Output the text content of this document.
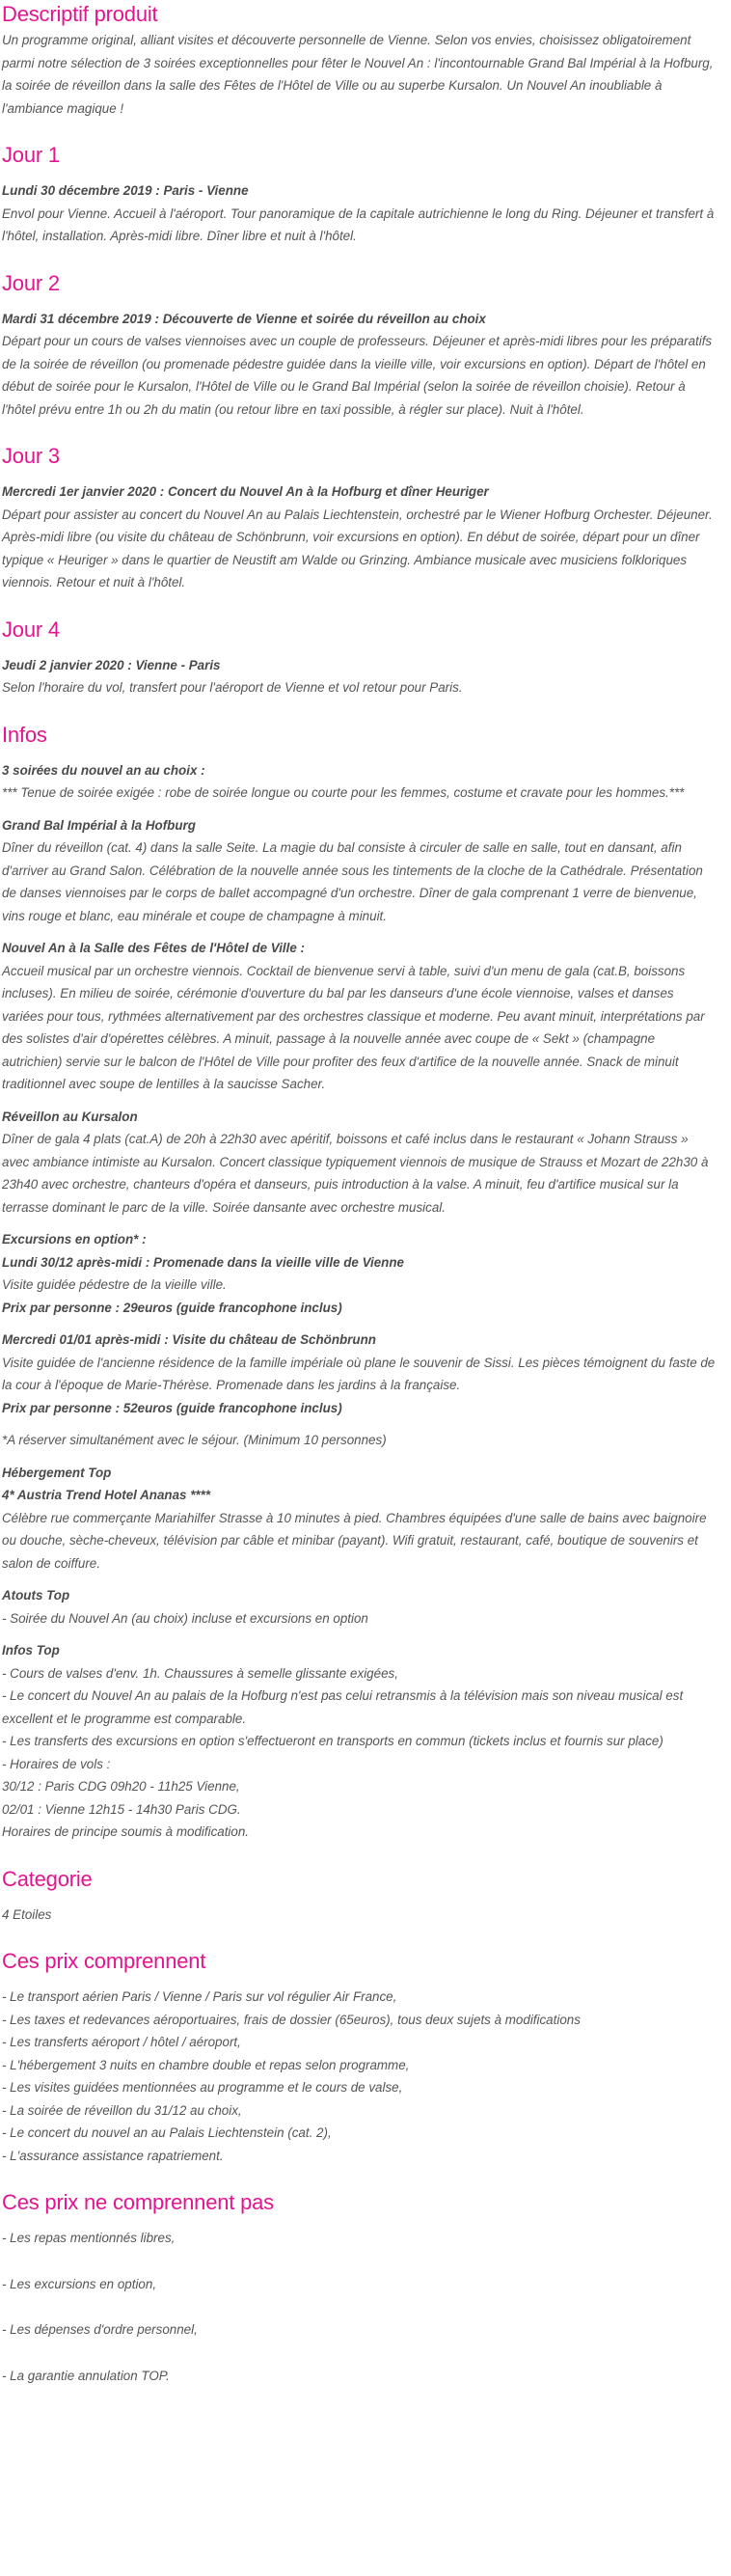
Descriptif produit

Un programme original, alliant visites et découverte personnelle de Vienne. Selon vos envies, choisissez obligatoirement parmi notre sélection de 3 soirées exceptionnelles pour fêter le Nouvel An : l'incontournable Grand Bal Impérial à la Hofburg, la soirée de réveillon dans la salle des Fêtes de l'Hôtel de Ville ou au superbe Kursalon. Un Nouvel An inoubliable à l'ambiance magique !

Jour 1

Lundi 30 décembre 2019 : Paris - Vienne

Envol pour Vienne. Accueil à l'aéroport. Tour panoramique de la capitale autrichienne le long du Ring. Déjeuner et transfert à l'hôtel, installation. Après-midi libre. Dîner libre et nuit à l'hôtel.

Jour 2

Mardi 31 décembre 2019 : Découverte de Vienne et soirée du réveillon au choix

Départ pour un cours de valses viennoises avec un couple de professeurs. Déjeuner et après-midi libres pour les préparatifs de la soirée de réveillon (ou promenade pédestre guidée dans la vieille ville, voir excursions en option). Départ de l'hôtel en début de soirée pour le Kursalon, l'Hôtel de Ville ou le Grand Bal Impérial (selon la soirée de réveillon choisie). Retour à l'hôtel prévu entre 1h ou 2h du matin (ou retour libre en taxi possible, à régler sur place). Nuit à l'hôtel.

Jour 3

Mercredi 1er janvier 2020 : Concert du Nouvel An à la Hofburg et dîner Heuriger

Départ pour assister au concert du Nouvel An au Palais Liechtenstein, orchestré par le Wiener Hofburg Orchester. Déjeuner. Après-midi libre (ou visite du château de Schönbrunn, voir excursions en option). En début de soirée, départ pour un dîner typique « Heuriger » dans le quartier de Neustift am Walde ou Grinzing. Ambiance musicale avec musiciens folkloriques viennois. Retour et nuit à l'hôtel.

Jour 4

Jeudi 2 janvier 2020 : Vienne - Paris

Selon l'horaire du vol, transfert pour l'aéroport de Vienne et vol retour pour Paris.

Infos

3 soirées du nouvel an au choix :

*** Tenue de soirée exigée : robe de soirée longue ou courte pour les femmes, costume et cravate pour les hommes.***

Grand Bal Impérial à la Hofburg

Dîner du réveillon (cat. 4) dans la salle Seite. La magie du bal consiste à circuler de salle en salle, tout en dansant, afin d'arriver au Grand Salon. Célébration de la nouvelle année sous les tintements de la cloche de la Cathédrale. Présentation de danses viennoises par le corps de ballet accompagné d'un orchestre. Dîner de gala comprenant 1 verre de bienvenue, vins rouge et blanc, eau minérale et coupe de champagne à minuit.

Nouvel An à la Salle des Fêtes de l'Hôtel de Ville :

Accueil musical par un orchestre viennois. Cocktail de bienvenue servi à table, suivi d'un menu de gala (cat.B, boissons incluses). En milieu de soirée, cérémonie d'ouverture du bal par les danseurs d'une école viennoise, valses et danses variées pour tous, rythmées alternativement par des orchestres classique et moderne. Peu avant minuit, interprétations par des solistes d'air d'opérettes célèbres. A minuit, passage à la nouvelle année avec coupe de « Sekt » (champagne autrichien) servie sur le balcon de l'Hôtel de Ville pour profiter des feux d'artifice de la nouvelle année. Snack de minuit traditionnel avec soupe de lentilles à la saucisse Sacher.

Réveillon au Kursalon

Dîner de gala 4 plats (cat.A) de 20h à 22h30 avec apéritif, boissons et café inclus dans le restaurant « Johann Strauss » avec ambiance intimiste au Kursalon. Concert classique typiquement viennois de musique de Strauss et Mozart de 22h30 à 23h40 avec orchestre, chanteurs d'opéra et danseurs, puis introduction à la valse. A minuit, feu d'artifice musical sur la terrasse dominant le parc de la ville. Soirée dansante avec orchestre musical.

Excursions en option* :

Lundi 30/12 après-midi : Promenade dans la vieille ville de Vienne

Visite guidée pédestre de la vieille ville.

Prix par personne : 29euros (guide francophone inclus)

Mercredi 01/01 après-midi : Visite du château de Schönbrunn

Visite guidée de l'ancienne résidence de la famille impériale où plane le souvenir de Sissi. Les pièces témoignent du faste de la cour à l'époque de Marie-Thérèse. Promenade dans les jardins à la française.

Prix par personne : 52euros (guide francophone inclus)

*A réserver simultanément avec le séjour. (Minimum 10 personnes)

Hébergement Top

4* Austria Trend Hotel Ananas ****

Célèbre rue commerçante Mariahilfer Strasse à 10 minutes à pied. Chambres équipées d'une salle de bains avec baignoire ou douche, sèche-cheveux, télévision par câble et minibar (payant). Wifi gratuit, restaurant, café, boutique de souvenirs et salon de coiffure.

Atouts Top

- Soirée du Nouvel An (au choix) incluse et excursions en option

Infos Top

- Cours de valses d'env. 1h. Chaussures à semelle glissante exigées,

- Le concert du Nouvel An au palais de la Hofburg n'est pas celui retransmis à la télévision mais son niveau musical est excellent et le programme est comparable.

- Les transferts des excursions en option s'effectueront en transports en commun (tickets inclus et fournis sur place)

- Horaires de vols :

30/12 : Paris CDG 09h20 - 11h25 Vienne,

02/01 : Vienne 12h15 - 14h30 Paris CDG.

Horaires de principe soumis à modification.

Categorie

4 Etoiles

Ces prix comprennent

- Le transport aérien Paris / Vienne / Paris sur vol régulier Air France,

- Les taxes et redevances aéroportuaires, frais de dossier (65euros), tous deux sujets à modifications

- Les transferts aéroport / hôtel / aéroport,

- L'hébergement 3 nuits en chambre double et repas selon programme,

- Les visites guidées mentionnées au programme et le cours de valse,

- La soirée de réveillon du 31/12 au choix,

- Le concert du nouvel an au Palais Liechtenstein (cat. 2),

- L'assurance assistance rapatriement.

Ces prix ne comprennent pas

- Les repas mentionnés libres,

- Les excursions en option,

- Les dépenses d'ordre personnel,

- La garantie annulation TOP.
